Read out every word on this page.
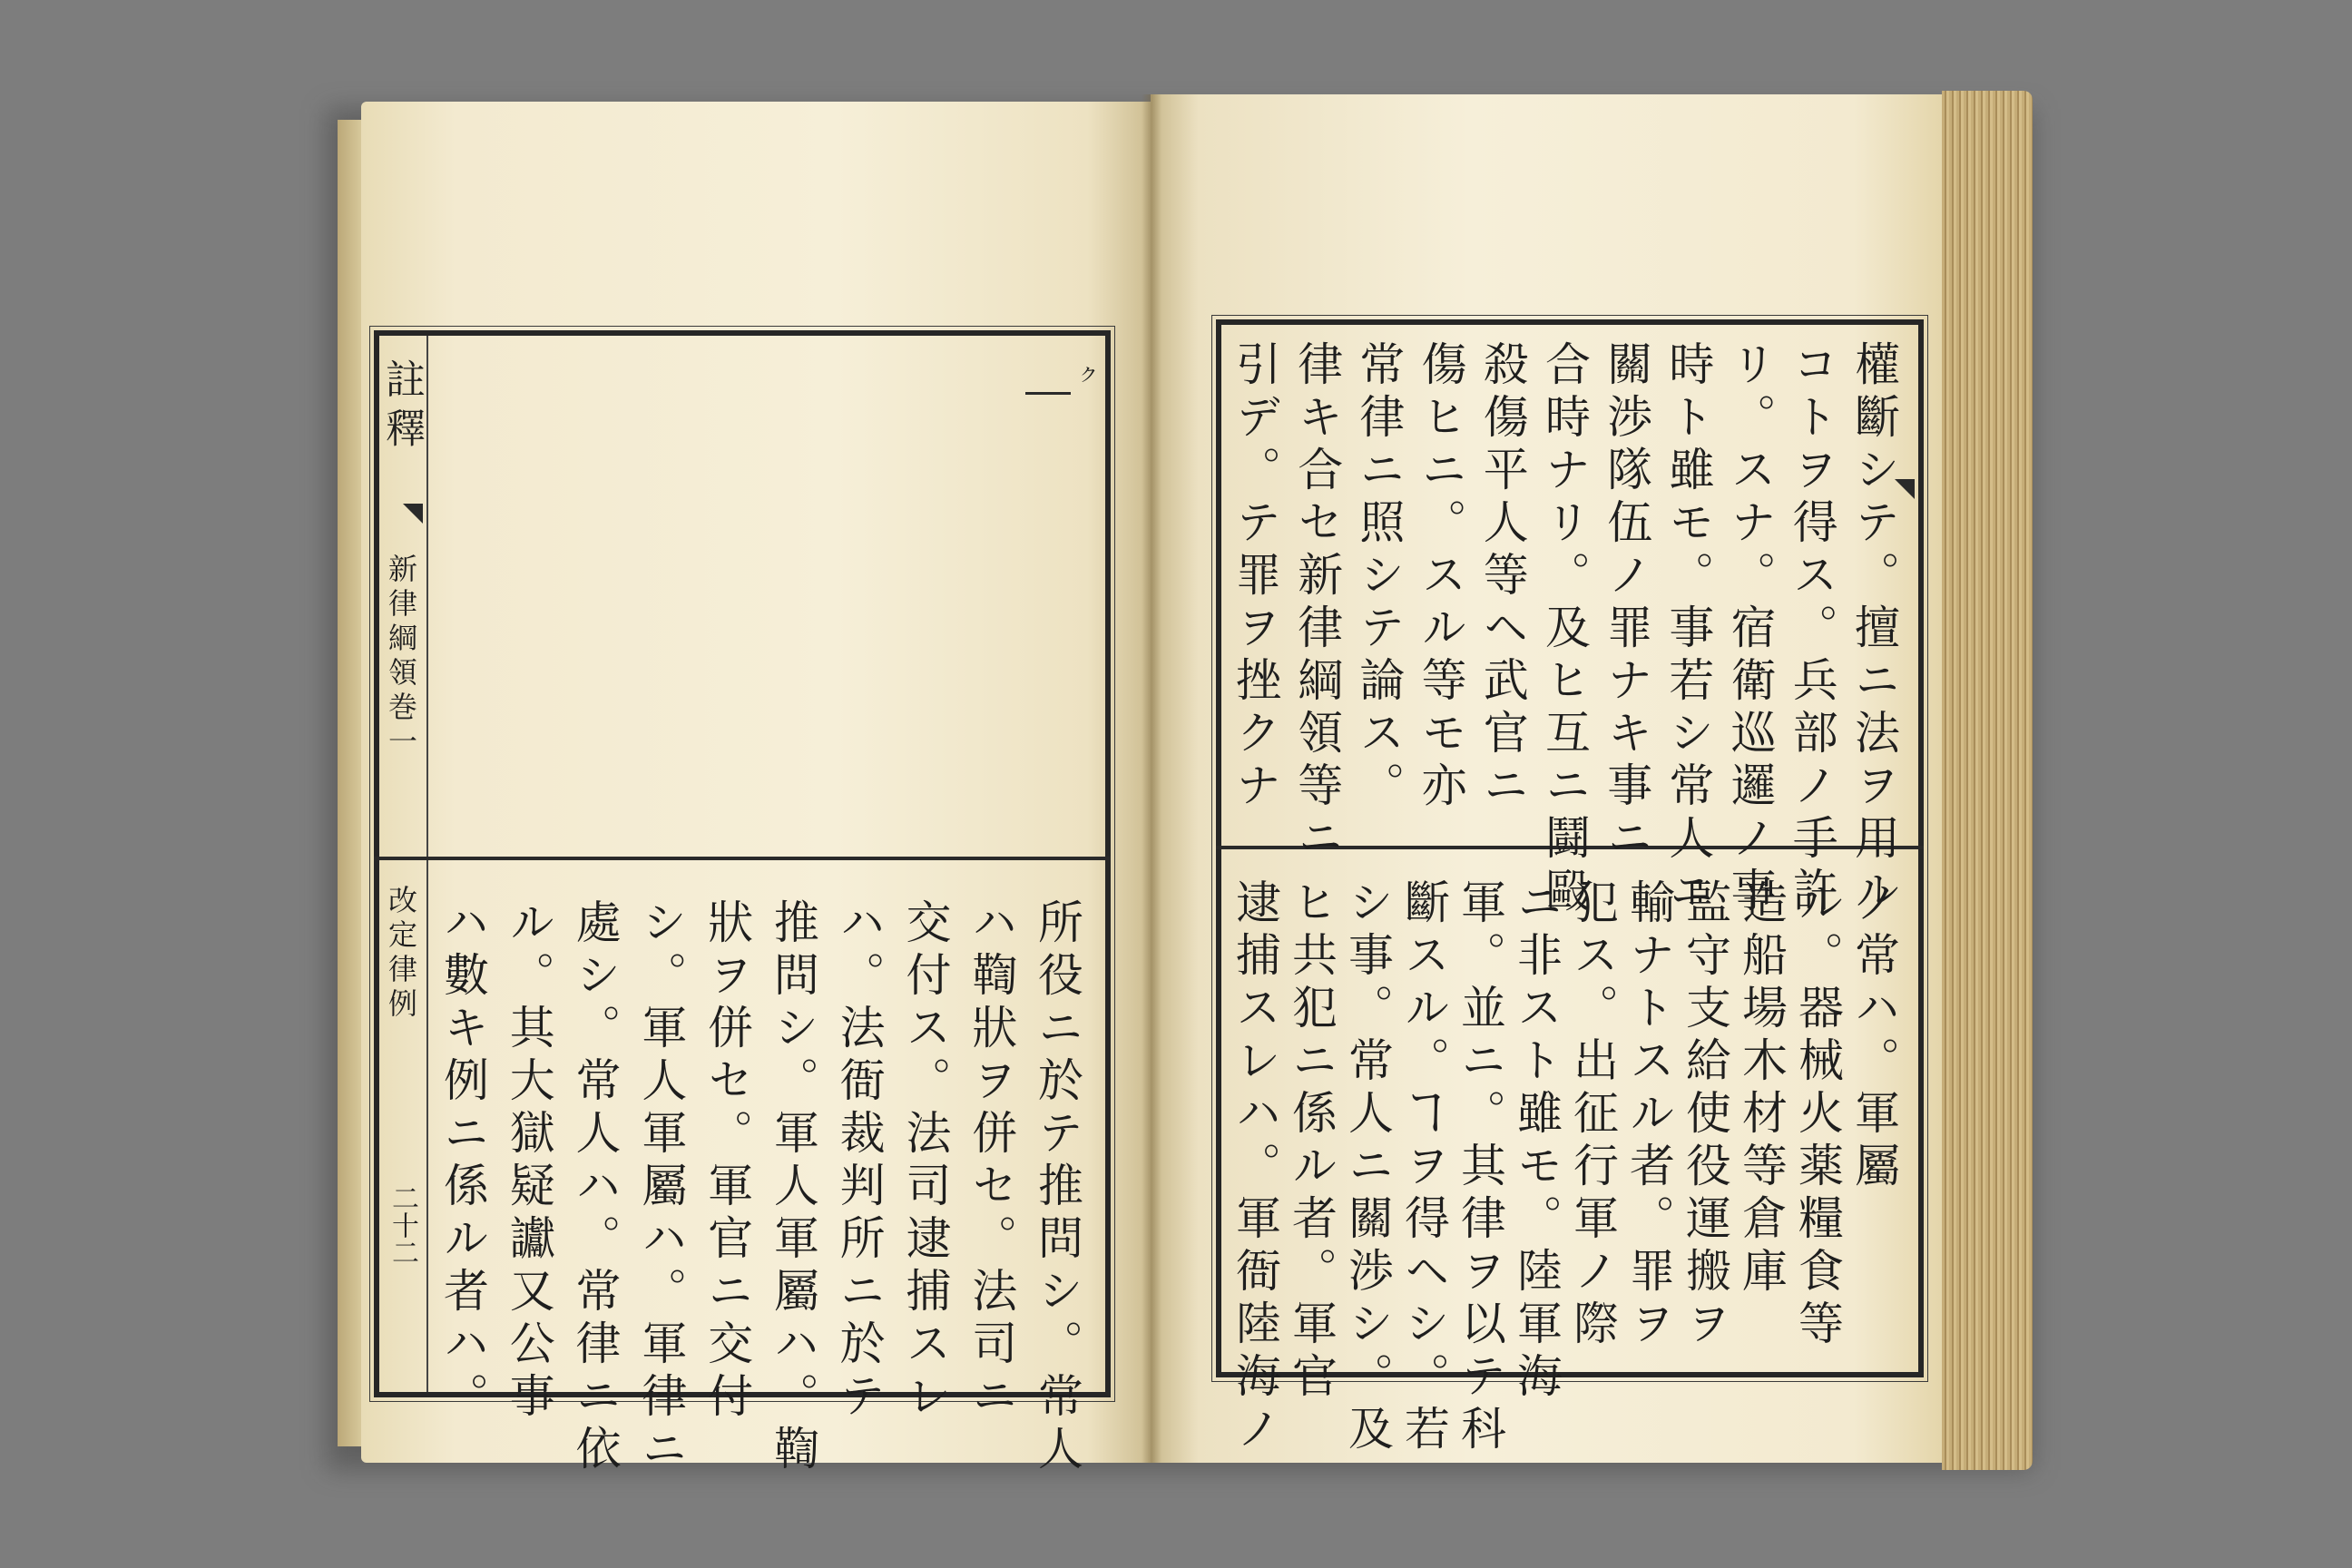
註釋
新律綱領巻一
改定律例
二十二
ㇰ
所役ニ於テ推問シ。常人
ハ鞫狀ヲ併セ。法司ニ
交付ス。法司逮捕スレ
ハ。法衙裁判所ニ於テ
推問シ。軍人軍屬ハ。鞫
狀ヲ併セ。軍官ニ交付
シ。軍人軍屬ハ。軍律ニ
處シ。常人ハ。常律ニ依
ル。其大獄疑讞又公事
ハ數キ例ニ係ル者ハ。
權斷シテ。擅ニ法ヲ用ル
コトヲ得ス。兵部ノ手許
リ。スナ。宿衛巡邏ノ事
時ト雖モ。事若シ常人ニ
關渉隊伍ノ罪ナキ事ニ
合時ナリ。及ヒ互ニ鬪毆
殺傷平人等ヘ武官ニ
傷ヒニ。スル等モ亦
常律ニ照シテ論ス。
律キ合セ新律綱領等ニ
引デ。テ罪ヲ挫クナ
ノ常ハ。軍屬
ル。器械火薬糧食等
造船場木材等倉庫
監守支給使役運搬ヲ
輸ナトスル者。罪ヲ
犯ス。出征行軍ノ際
ニ非スト雖モ。陸軍海
軍。並ニ。其律ヲ以テ科
斷スル。ヿヲ得ヘシ。若
シ事。常人ニ關渉シ。及
ヒ共犯ニ係ル者。軍官
逮捕スレハ。軍衙陸海ノ
